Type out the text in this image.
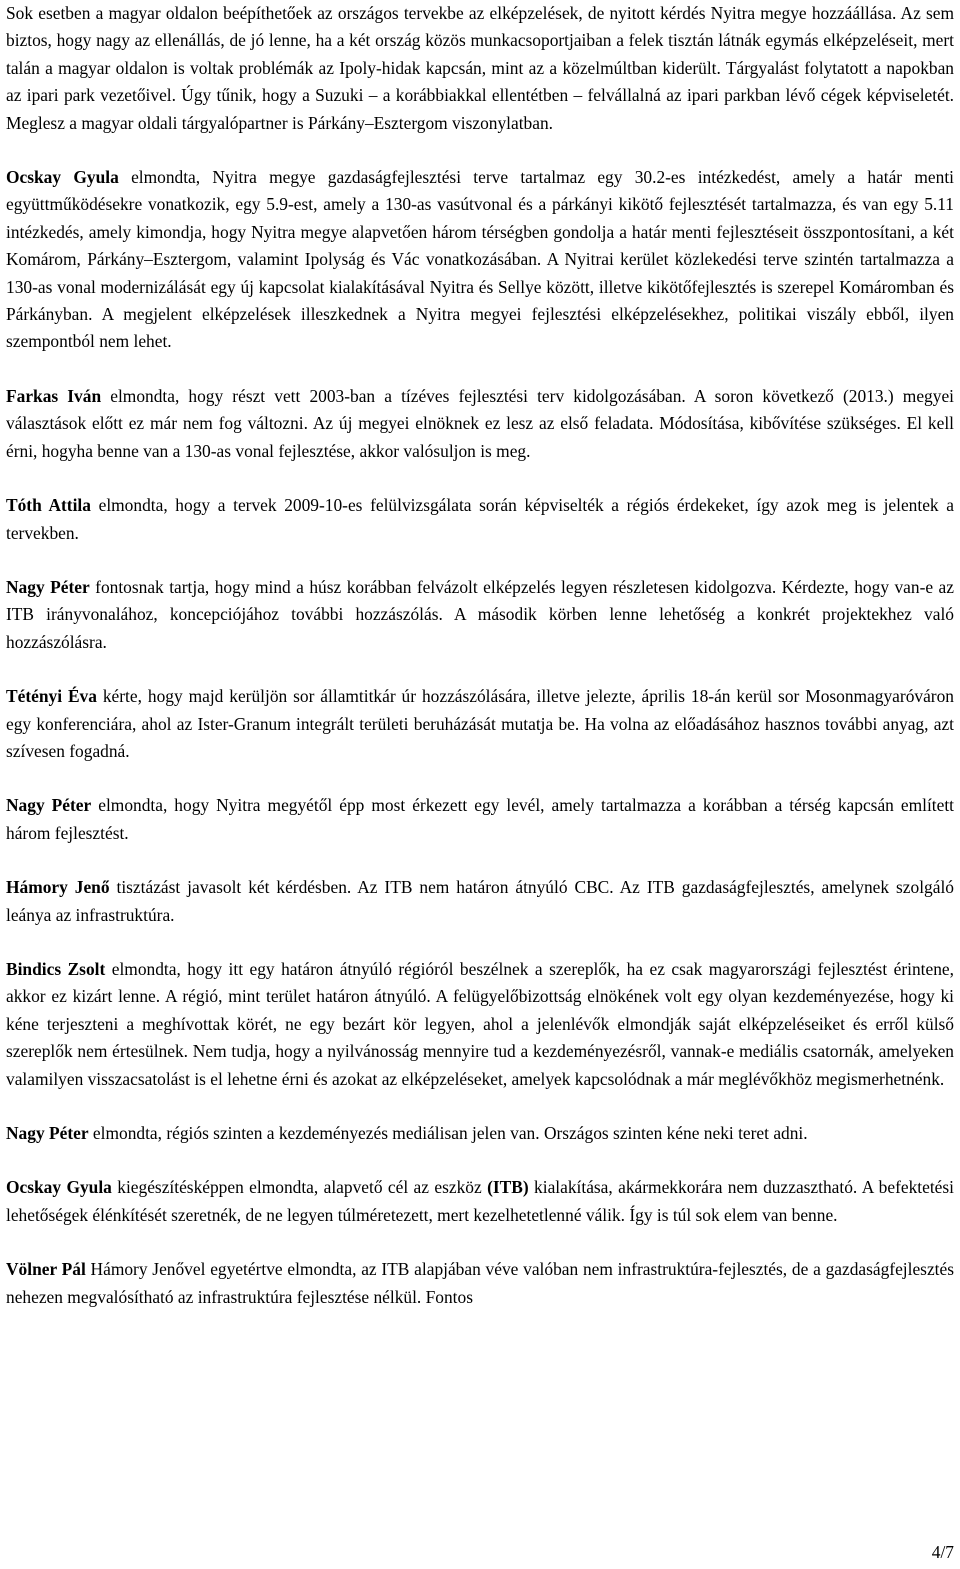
Sok esetben a magyar oldalon beépíthetőek az országos tervekbe az elképzelések, de nyitott kérdés Nyitra megye hozzáállása. Az sem biztos, hogy nagy az ellenállás, de jó lenne, ha a két ország közös munkacsoportjaiban a felek tisztán látnák egymás elképzeléseit, mert talán a magyar oldalon is voltak problémák az Ipoly-hidak kapcsán, mint az a közelmúltban kiderült. Tárgyalást folytatott a napokban az ipari park vezetőivel. Úgy tűnik, hogy a Suzuki – a korábbiakkal ellentétben – felvállalná az ipari parkban lévő cégek képviseletét. Meglesz a magyar oldali tárgyalópartner is Párkány–Esztergom viszonylatban.

Ocskay Gyula elmondta, Nyitra megye gazdaságfejlesztési terve tartalmaz egy 30.2-es intézkedést, amely a határ menti együttműködésekre vonatkozik, egy 5.9-est, amely a 130-as vasútvonal és a párkányi kikötő fejlesztését tartalmazza, és van egy 5.11 intézkedés, amely kimondja, hogy Nyitra megye alapvetően három térségben gondolja a határ menti fejlesztéseit összpontosítani, a két Komárom, Párkány–Esztergom, valamint Ipolyság és Vác vonatkozásában. A Nyitrai kerület közlekedési terve szintén tartalmazza a 130-as vonal modernizálását egy új kapcsolat kialakításával Nyitra és Sellye között, illetve kikötőfejlesztés is szerepel Komáromban és Párkányban. A megjelent elképzelések illeszkednek a Nyitra megyei fejlesztési elképzelésekhez, politikai viszály ebből, ilyen szempontból nem lehet.

Farkas Iván elmondta, hogy részt vett 2003-ban a tízéves fejlesztési terv kidolgozásában. A soron következő (2013.) megyei választások előtt ez már nem fog változni. Az új megyei elnöknek ez lesz az első feladata. Módosítása, kibővítése szükséges. El kell érni, hogyha benne van a 130-as vonal fejlesztése, akkor valósuljon is meg.

Tóth Attila elmondta, hogy a tervek 2009-10-es felülvizsgálata során képviselték a régiós érdekeket, így azok meg is jelentek a tervekben.

Nagy Péter fontosnak tartja, hogy mind a húsz korábban felvázolt elképzelés legyen részletesen kidolgozva. Kérdezte, hogy van-e az ITB irányvonalához, koncepciójához további hozzászólás. A második körben lenne lehetőség a konkrét projektekhez való hozzászólásra.

Tétényi Éva kérte, hogy majd kerüljön sor államtitkár úr hozzászólására, illetve jelezte, április 18-án kerül sor Mosonmagyaróváron egy konferenciára, ahol az Ister-Granum integrált területi beruházását mutatja be. Ha volna az előadásához hasznos további anyag, azt szívesen fogadná.

Nagy Péter elmondta, hogy Nyitra megyétől épp most érkezett egy levél, amely tartalmazza a korábban a térség kapcsán említett három fejlesztést.

Hámory Jenő tisztázást javasolt két kérdésben. Az ITB nem határon átnyúló CBC. Az ITB gazdaságfejlesztés, amelynek szolgáló leánya az infrastruktúra.

Bindics Zsolt elmondta, hogy itt egy határon átnyúló régióról beszélnek a szereplők, ha ez csak magyarországi fejlesztést érintene, akkor ez kizárt lenne. A régió, mint terület határon átnyúló. A felügyelőbizottság elnökének volt egy olyan kezdeményezése, hogy ki kéne terjeszteni a meghívottak körét, ne egy bezárt kör legyen, ahol a jelenlévők elmondják saját elképzeléseiket és erről külső szereplők nem értesülnek. Nem tudja, hogy a nyilvánosság mennyire tud a kezdeményezésről, vannak-e mediális csatornák, amelyeken valamilyen visszacsatolást is el lehetne érni és azokat az elképzeléseket, amelyek kapcsolódnak a már meglévőkhöz megismerhetnénk.

Nagy Péter elmondta, régiós szinten a kezdeményezés mediálisan jelen van. Országos szinten kéne neki teret adni.

Ocskay Gyula kiegészítésképpen elmondta, alapvető cél az eszköz (ITB) kialakítása, akármekkorára nem duzzasztható. A befektetési lehetőségek élénkítését szeretnék, de ne legyen túlméretezett, mert kezelhetetlenné válik. Így is túl sok elem van benne.

Völner Pál Hámory Jenővel egyetértve elmondta, az ITB alapjában véve valóban nem infrastruktúra-fejlesztés, de a gazdaságfejlesztés nehezen megvalósítható az infrastruktúra fejlesztése nélkül. Fontos

4/7
